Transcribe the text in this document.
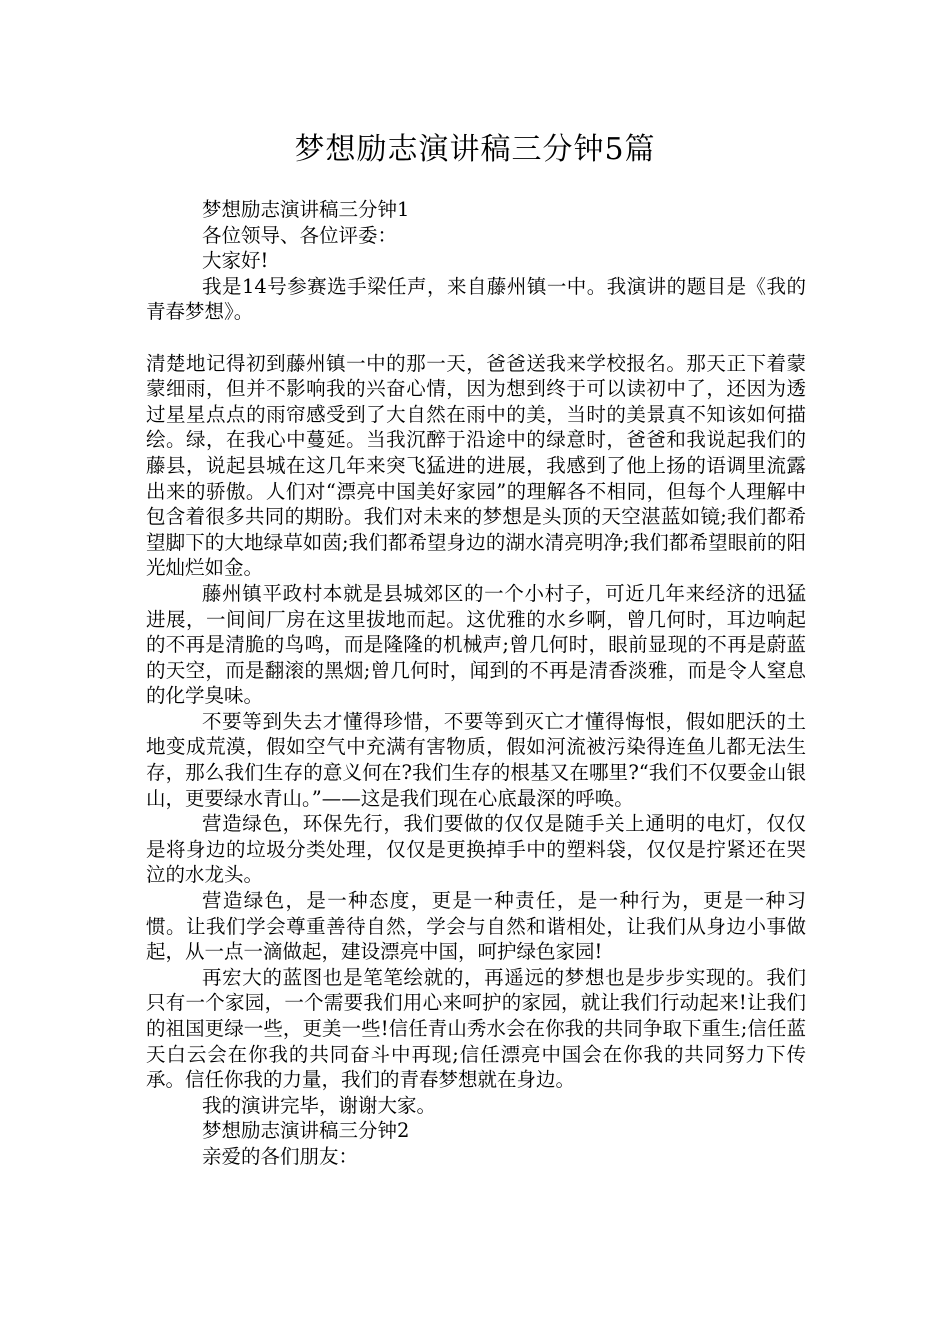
梦想励志演讲稿三分钟5篇

梦想励志演讲稿三分钟1

各位领导、各位评委：

大家好!

我是14号参赛选手梁任声，来自藤州镇一中。我演讲的题目是《我的青春梦想》。

清楚地记得初到藤州镇一中的那一天，爸爸送我来学校报名。那天正下着蒙蒙细雨，但并不影响我的兴奋心情，因为想到终于可以读初中了，还因为透过星星点点的雨帘感受到了大自然在雨中的美，当时的美景真不知该如何描绘。绿，在我心中蔓延。当我沉醉于沿途中的绿意时，爸爸和我说起我们的藤县，说起县城在这几年来突飞猛进的进展，我感到了他上扬的语调里流露出来的骄傲。人们对“漂亮中国美好家园”的理解各不相同，但每个人理解中包含着很多共同的期盼。我们对未来的梦想是头顶的天空湛蓝如镜;我们都希望脚下的大地绿草如茵;我们都希望身边的湖水清亮明净;我们都希望眼前的阳光灿烂如金。

藤州镇平政村本就是县城郊区的一个小村子，可近几年来经济的迅猛进展，一间间厂房在这里拔地而起。这优雅的水乡啊，曾几何时，耳边响起的不再是清脆的鸟鸣，而是隆隆的机械声;曾几何时，眼前显现的不再是蔚蓝的天空，而是翻滚的黑烟;曾几何时，闻到的不再是清香淡雅，而是令人窒息的化学臭味。

不要等到失去才懂得珍惜，不要等到灭亡才懂得悔恨，假如肥沃的土地变成荒漠，假如空气中充满有害物质，假如河流被污染得连鱼儿都无法生存，那么我们生存的意义何在?我们生存的根基又在哪里?“我们不仅要金山银山，更要绿水青山。”——这是我们现在心底最深的呼唤。

营造绿色，环保先行，我们要做的仅仅是随手关上通明的电灯，仅仅是将身边的垃圾分类处理，仅仅是更换掉手中的塑料袋，仅仅是拧紧还在哭泣的水龙头。

营造绿色，是一种态度，更是一种责任，是一种行为，更是一种习惯。让我们学会尊重善待自然，学会与自然和谐相处，让我们从身边小事做起，从一点一滴做起，建设漂亮中国，呵护绿色家园!

再宏大的蓝图也是笔笔绘就的，再遥远的梦想也是步步实现的。我们只有一个家园，一个需要我们用心来呵护的家园，就让我们行动起来!让我们的祖国更绿一些，更美一些!信任青山秀水会在你我的共同争取下重生;信任蓝天白云会在你我的共同奋斗中再现;信任漂亮中国会在你我的共同努力下传承。信任你我的力量，我们的青春梦想就在身边。

我的演讲完毕，谢谢大家。

梦想励志演讲稿三分钟2

亲爱的各们朋友：
